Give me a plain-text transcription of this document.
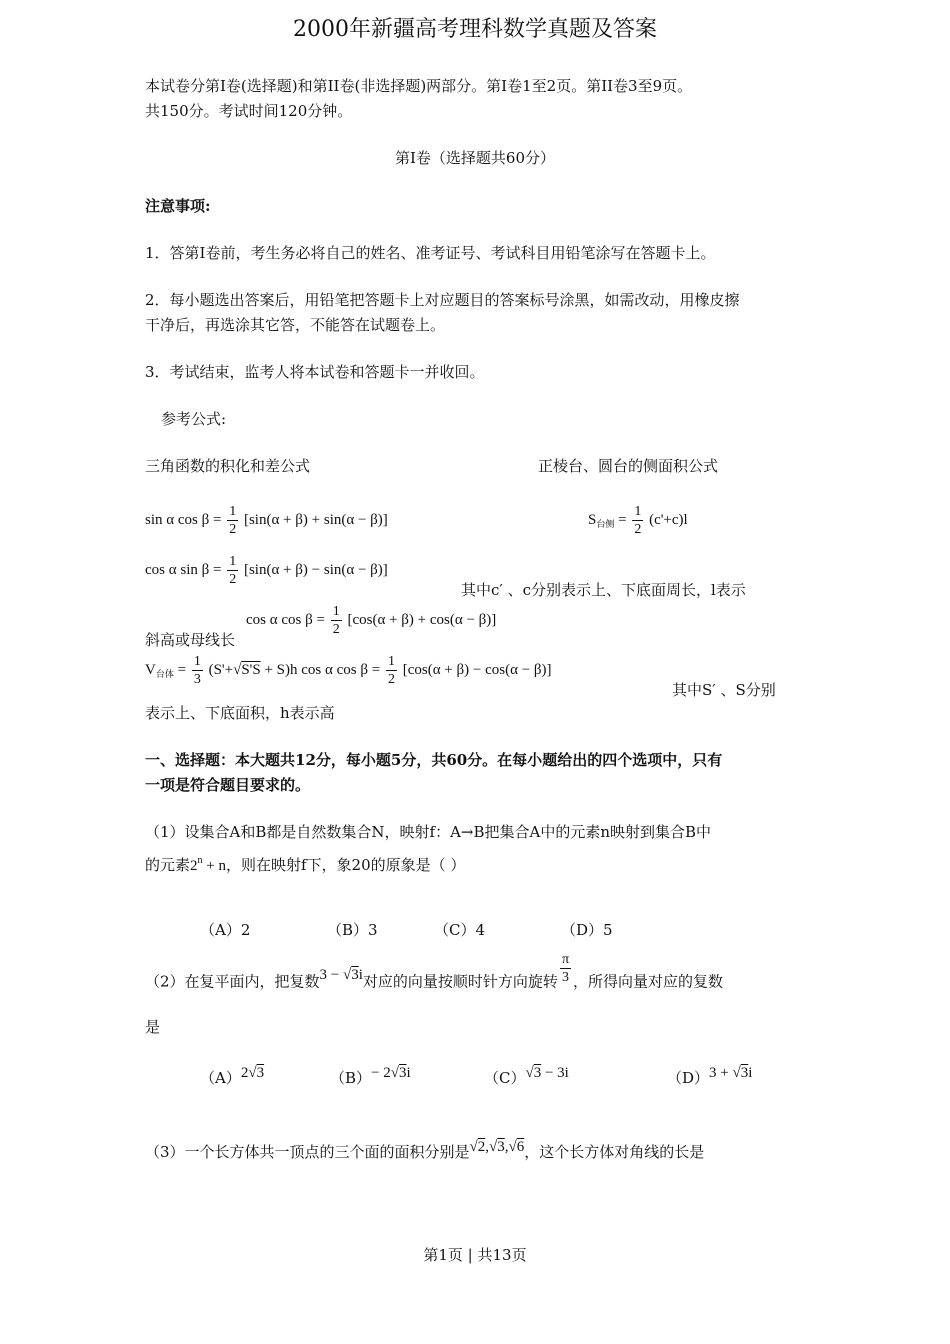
2000年新疆高考理科数学真题及答案
本试卷分第Ⅰ卷(选择题)和第II卷(非选择题)两部分。第Ⅰ卷1至2页。第II卷3至9页。
共150分。考试时间120分钟。
第Ⅰ卷（选择题共60分）
注意事项:
1．答第Ⅰ卷前，考生务必将自己的姓名、准考证号、考试科目用铅笔涂写在答题卡上。
2．每小题选出答案后，用铅笔把答题卡上对应题目的答案标号涂黑，如需改动，用橡皮擦
干净后，再选涂其它答，不能答在试题卷上。
3．考试结束，监考人将本试卷和答题卡一并收回。
参考公式:
三角函数的积化和差公式	正棱台、圆台的侧面积公式
sin α $\cos \beta = \frac{1}{2} [\sin(\alpha + \beta) + \sin(\alpha - \beta)]$	$S_{台侧} = \frac{1}{2} (c'+c)l$
cos α $\sin \beta = \frac{1}{2} [\sin(\alpha + \beta) - \sin(\alpha - \beta)]$
其中c′ 、c分别表示上、下底面周长，l表示
cos α $\cos \beta = \frac{1}{2} [\cos(\alpha + \beta) + \cos(\alpha - \beta)]$
斜高或母线长
$V_{台体} = \frac{1}{3} (S'+√S'S + S)h$ cos α $\cos \beta = \frac{1}{2} [\cos(\alpha + \beta) - \cos(\alpha - \beta)]$
其中S′ 、S分别
表示上、下底面积，h表示高
一、选择题：本大题共12分，每小题5分，共60分。在每小题给出的四个选项中，只有
一项是符合题目要求的。
（1）设集合A和B都是自然数集合N，映射f：A→B把集合A中的元素n映射到集合B中
的元素$2^n + n$，则在映射f下，象20的原象是（ ）
（A）2	（B）3	（C）4	（D）5
（2）在复平面内，把复数3 − √3i对应的向量按顺时针方向旋转 $\frac{\pi}{3}$ ，所得向量对应的复数
是
（A）2√3	（B）− 2√3i	（C）√3 − 3i	（D）3 + √3i
（3）一个长方体共一顶点的三个面的面积分别是√2,√3,√6，这个长方体对角线的长是
第1页 | 共13页
